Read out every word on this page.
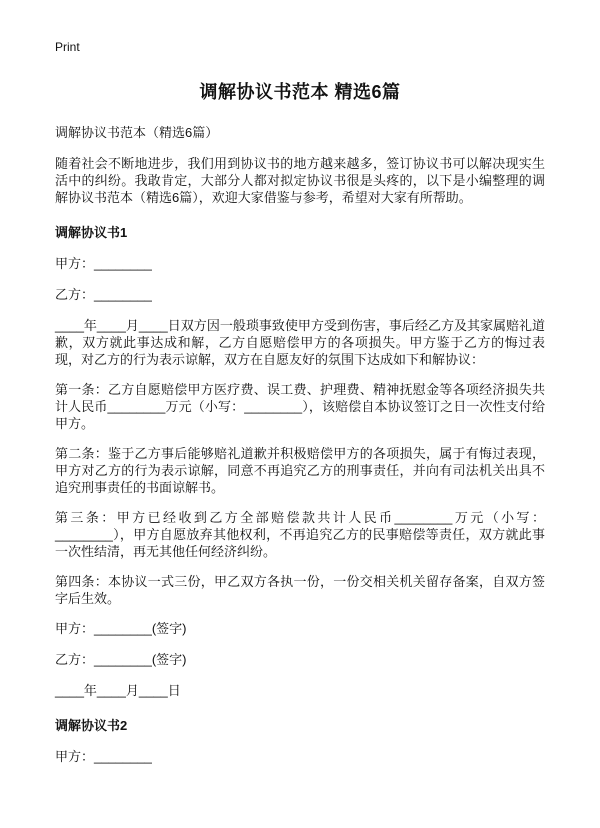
Print
调解协议书范本 精选6篇

调解协议书范本（精选6篇）

随着社会不断地进步，我们用到协议书的地方越来越多，签订协议书可以解决现实生活中的纠纷。我敢肯定，大部分人都对拟定协议书很是头疼的，以下是小编整理的调解协议书范本（精选6篇），欢迎大家借鉴与参考，希望对大家有所帮助。

调解协议书1

甲方：________

乙方：________

____年____月____日双方因一般琐事致使甲方受到伤害，事后经乙方及其家属赔礼道歉，双方就此事达成和解，乙方自愿赔偿甲方的各项损失。甲方鉴于乙方的悔过表现，对乙方的行为表示谅解，双方在自愿友好的氛围下达成如下和解协议：

第一条：乙方自愿赔偿甲方医疗费、误工费、护理费、精神抚慰金等各项经济损失共计人民币________万元（小写：________），该赔偿自本协议签订之日一次性支付给甲方。

第二条：鉴于乙方事后能够赔礼道歉并积极赔偿甲方的各项损失，属于有悔过表现，甲方对乙方的行为表示谅解，同意不再追究乙方的刑事责任，并向有司法机关出具不追究刑事责任的书面谅解书。

第三条：甲方已经收到乙方全部赔偿款共计人民币________万元（小写：________），甲方自愿放弃其他权利，不再追究乙方的民事赔偿等责任，双方就此事一次性结清，再无其他任何经济纠纷。

第四条：本协议一式三份，甲乙双方各执一份，一份交相关机关留存备案，自双方签字后生效。

甲方：________(签字)

乙方：________(签字)

____年____月____日

调解协议书2

甲方：________
